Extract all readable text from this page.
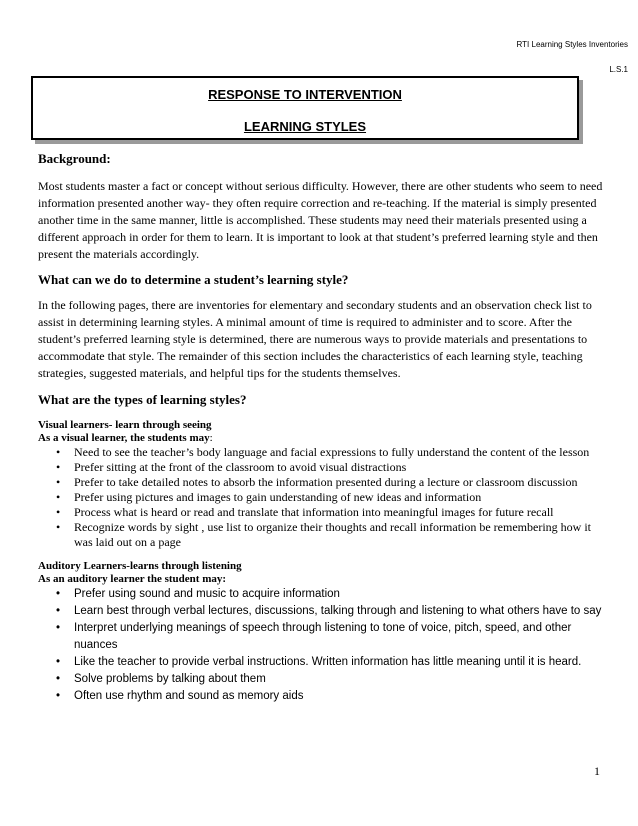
RTI Learning Styles Inventories
L.S.1
RESPONSE TO INTERVENTION
LEARNING STYLES

Background:

Most students master a fact or concept without serious difficulty. However, there are other students who seem to need information presented another way- they often require correction and re-teaching. If the material is simply presented another time in the same manner, little is accomplished. These students may need their materials presented using a different approach in order for them to learn. It is important to look at that student’s preferred learning style and then present the materials accordingly.

What can we do to determine a student’s learning style?

In the following pages, there are inventories for elementary and secondary students and an observation check list to assist in determining learning styles. A minimal amount of time is required to administer and to score. After the student’s preferred learning style is determined, there are numerous ways to provide materials and presentations to accommodate that style. The remainder of this section includes the characteristics of each learning style, teaching strategies, suggested materials, and helpful tips for the students themselves.

What are the types of learning styles?

Visual learners- learn through seeing

As a visual learner, the students may:

• Need to see the teacher’s body language and facial expressions to fully understand the content of the lesson
• Prefer sitting at the front of the classroom to avoid visual distractions
• Prefer to take detailed notes to absorb the information presented during a lecture or classroom discussion
• Prefer using pictures and images to gain understanding of new ideas and information
• Process what is heard or read and translate that information into meaningful images for future recall
• Recognize words by sight , use list to organize their thoughts and recall information be remembering how it was laid out on a page

Auditory Learners-learns through listening

As an auditory learner the student may:

• Prefer using sound and music to acquire information
• Learn best through verbal lectures, discussions, talking through and listening to what others have to say
• Interpret underlying meanings of speech through listening to tone of voice, pitch, speed, and other nuances
• Like the teacher to provide verbal instructions. Written information has little meaning until it is heard.
• Solve problems by talking about them
• Often use rhythm and sound as memory aids
1
